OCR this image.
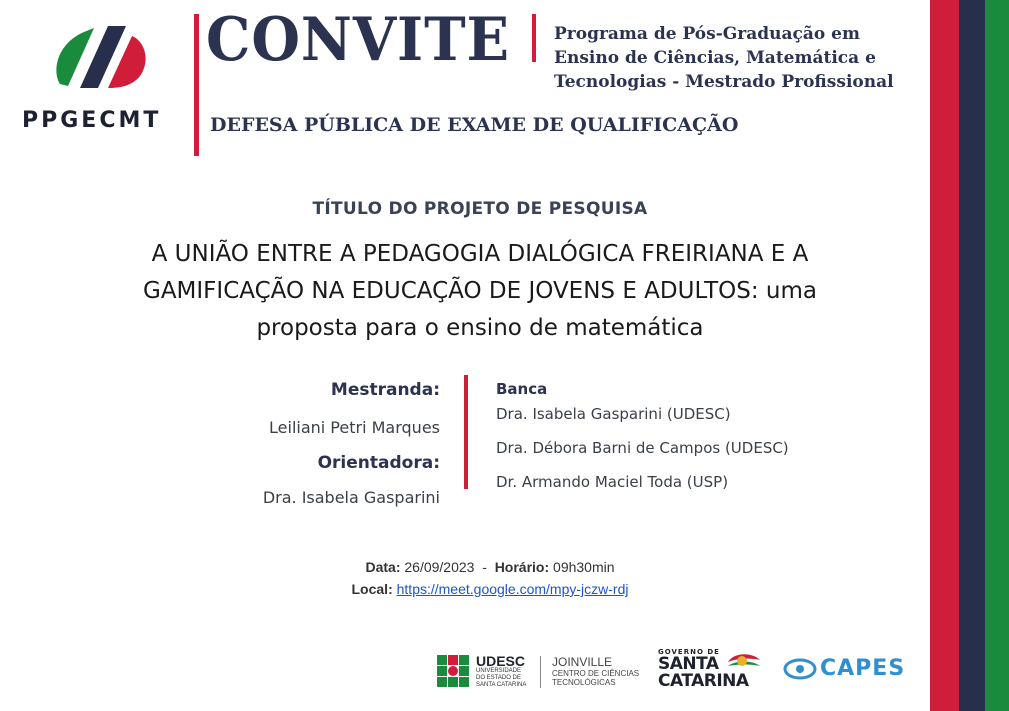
PPGECMT
CONVITE	Programa de Pós-Graduação em
Ensino de Ciências, Matemática e
Tecnologias - Mestrado Profissional
DEFESA PÚBLICA DE EXAME DE QUALIFICAÇÃO
TÍTULO DO PROJETO DE PESQUISA
A UNIÃO ENTRE A PEDAGOGIA DIALÓGICA FREIRIANA E A
GAMIFICAÇÃO NA EDUCAÇÃO DE JOVENS E ADULTOS: uma
proposta para o ensino de matemática
Mestranda:
Leiliani Petri Marques
Orientadora:
Dra. Isabela Gasparini
Banca
Dra. Isabela Gasparini (UDESC)
Dra. Débora Barni de Campos (UDESC)
Dr. Armando Maciel Toda (USP)
Data: 26/09/2023 - Horário: 09h30min
Local: https://meet.google.com/mpy-jczw-rdj
UDESC
UNIVERSIDADE
DO ESTADO DE
SANTA CATARINA
JOINVILLE
CENTRO DE CIÊNCIAS
TECNOLÓGICAS
GOVERNO DE
SANTA
CATARINA	CAPES
